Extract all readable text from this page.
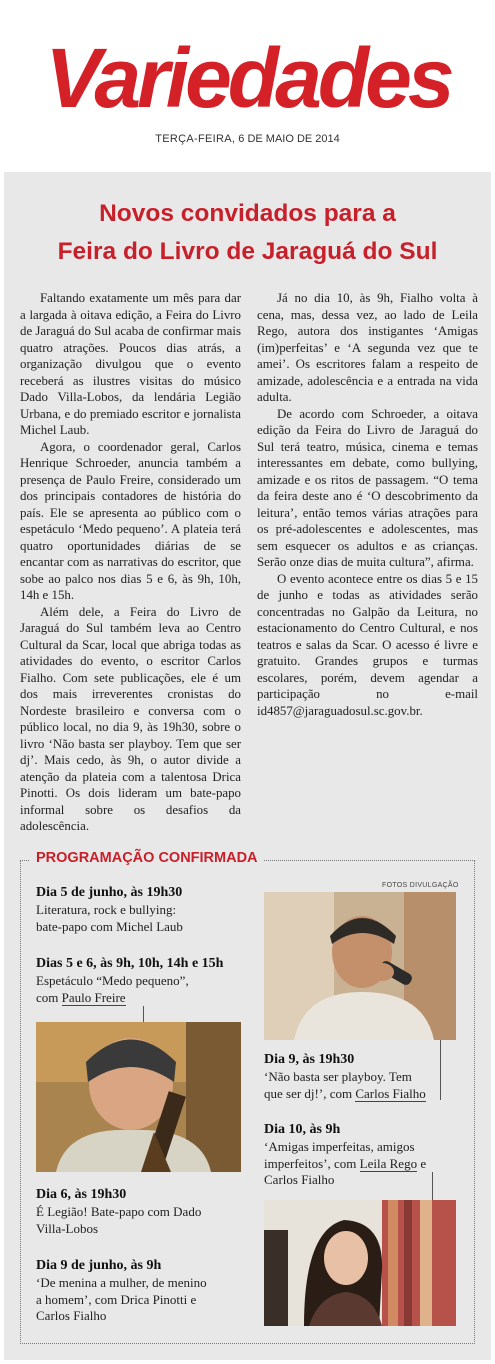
Variedades
TERÇA-FEIRA, 6 DE MAIO DE 2014
Novos convidados para a
Feira do Livro de Jaraguá do Sul

Faltando exatamente um mês para dar a largada à oitava edição, a Feira do Livro de Jaraguá do Sul acaba de confirmar mais quatro atrações. Poucos dias atrás, a organização divulgou que o evento receberá as ilustres visitas do músico Dado Villa-Lobos, da lendária Legião Urbana, e do premiado escritor e jornalista Michel Laub.

Agora, o coordenador geral, Carlos Henrique Schroeder, anuncia também a presença de Paulo Freire, considerado um dos principais contadores de história do país. Ele se apresenta ao público com o espetáculo ‘Medo pequeno’. A plateia terá quatro oportunidades diárias de se encantar com as narrativas do escritor, que sobe ao palco nos dias 5 e 6, às 9h, 10h, 14h e 15h.

Além dele, a Feira do Livro de Jaraguá do Sul também leva ao Centro Cultural da Scar, local que abriga todas as atividades do evento, o escritor Carlos Fialho. Com sete publicações, ele é um dos mais irreverentes cronistas do Nordeste brasileiro e conversa com o público local, no dia 9, às 19h30, sobre o livro ‘Não basta ser playboy. Tem que ser dj’. Mais cedo, às 9h, o autor divide a atenção da plateia com a talentosa Drica Pinotti. Os dois lideram um bate-papo informal sobre os desafios da adolescência.

Já no dia 10, às 9h, Fialho volta à cena, mas, dessa vez, ao lado de Leila Rego, autora dos instigantes ‘Amigas (im)perfeitas’ e ‘A segunda vez que te amei’. Os escritores falam a respeito de amizade, adolescência e a entrada na vida adulta.

De acordo com Schroeder, a oitava edição da Feira do Livro de Jaraguá do Sul terá teatro, música, cinema e temas interessantes em debate, como bullying, amizade e os ritos de passagem. “O tema da feira deste ano é ‘O descobrimento da leitura’, então temos várias atrações para os pré-adolescentes e adolescentes, mas sem esquecer os adultos e as crianças. Serão onze dias de muita cultura”, afirma.

O evento acontece entre os dias 5 e 15 de junho e todas as atividades serão concentradas no Galpão da Leitura, no estacionamento do Centro Cultural, e nos teatros e salas da Scar. O acesso é livre e gratuito. Grandes grupos e turmas escolares, porém, devem agendar a participação no e-mail id4857@jaraguadosul.sc.gov.br.

PROGRAMAÇÃO CONFIRMADA
FOTOS DIVULGAÇÃO
Dia 5 de junho, às 19h30
Literatura, rock e bullying:
bate-papo com Michel Laub
Dias 5 e 6, às 9h, 10h, 14h e 15h
Espetáculo “Medo pequeno”,
com Paulo Freire
Dia 6, às 19h30
É Legião! Bate-papo com Dado
Villa-Lobos
Dia 9 de junho, às 9h
‘De menina a mulher, de menino
a homem’, com Drica Pinotti e
Carlos Fialho
Dia 9, às 19h30
‘Não basta ser playboy. Tem
que ser dj!’, com Carlos Fialho
Dia 10, às 9h
‘Amigas imperfeitas, amigos
imperfeitos’, com Leila Rego e
Carlos Fialho
